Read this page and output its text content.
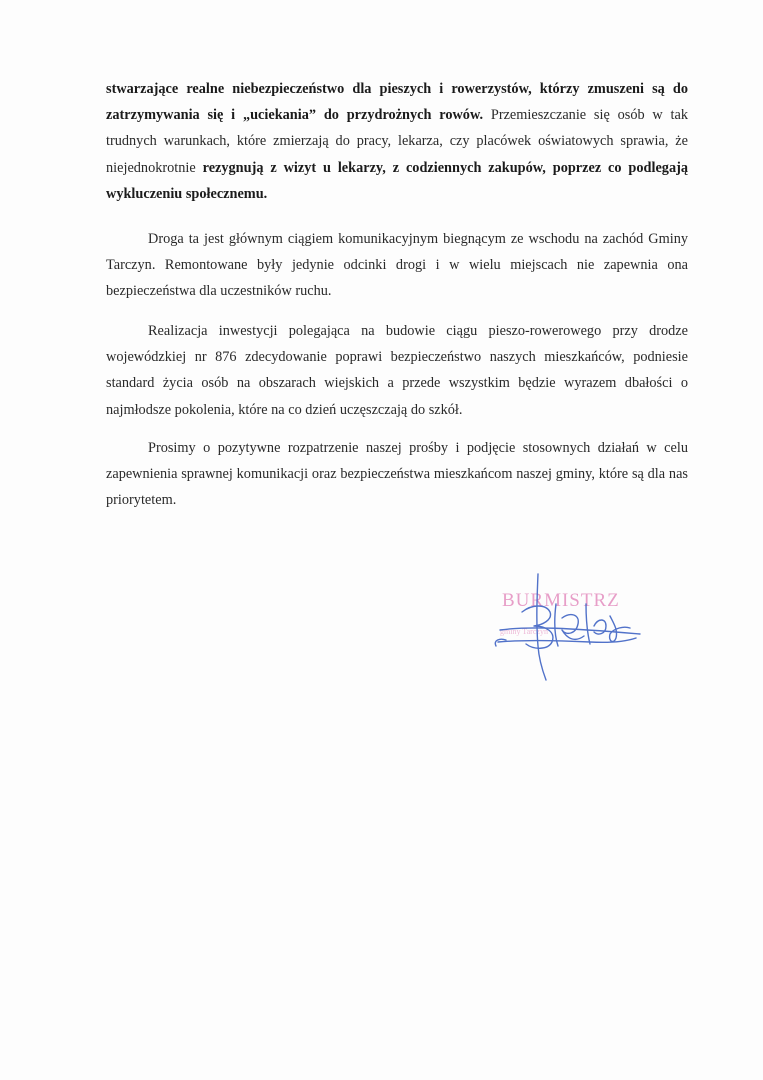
stwarzające realne niebezpieczeństwo dla pieszych i rowerzystów, którzy zmuszeni są do zatrzymywania się i „uciekania” do przydrożnych rowów. Przemieszczanie się osób w tak trudnych warunkach, które zmierzają do pracy, lekarza, czy placówek oświatowych sprawia, że niejednokrotnie rezygnują z wizyt u lekarzy, z codziennych zakupów, poprzez co podlegają wykluczeniu społecznemu.

Droga ta jest głównym ciągiem komunikacyjnym biegnącym ze wschodu na zachód Gminy Tarczyn. Remontowane były jedynie odcinki drogi i w wielu miejscach nie zapewnia ona bezpieczeństwa dla uczestników ruchu.

Realizacja inwestycji polegająca na budowie ciągu pieszo-rowerowego przy drodze wojewódzkiej nr 876 zdecydowanie poprawi bezpieczeństwo naszych mieszkańców, podniesie standard życia osób na obszarach wiejskich a przede wszystkim będzie wyrazem dbałości o najmłodsze pokolenia, które na co dzień uczęszczają do szkół.

Prosimy o pozytywne rozpatrzenie naszej prośby i podjęcie stosownych działań w celu zapewnienia sprawnej komunikacji oraz bezpieczeństwa mieszkańcom naszej gminy, które są dla nas priorytetem.

BURMISTRZ
gminy Tarczyn
